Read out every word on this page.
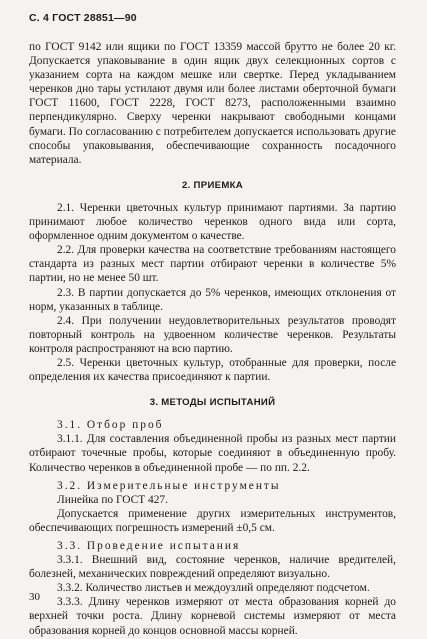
С. 4 ГОСТ 28851—90

по ГОСТ 9142 или ящики по ГОСТ 13359 массой брутто не более 20 кг. Допускается упаковывание в один ящик двух селекционных сортов с указанием сорта на каждом мешке или свертке. Перед укладыванием черенков дно тары устилают двумя или более листами оберточной бумаги ГОСТ 11600, ГОСТ 2228, ГОСТ 8273, расположенными взаимно перпендикулярно. Сверху черенки накрывают свободными концами бумаги. По согласованию с потребителем допускается использовать другие способы упаковывания, обеспечивающие сохранность посадочного материала.

2. ПРИЕМКА

2.1. Черенки цветочных культур принимают партиями. За партию принимают любое количество черенков одного вида или сорта, оформленное одним документом о качестве.

2.2. Для проверки качества на соответствие требованиям настоящего стандарта из разных мест партии отбирают черенки в количестве 5% партии, но не менее 50 шт.

2.3. В партии допускается до 5% черенков, имеющих отклонения от норм, указанных в таблице.

2.4. При получении неудовлетворительных результатов проводят повторный контроль на удвоенном количестве черенков. Результаты контроля распространяют на всю партию.

2.5. Черенки цветочных культур, отобранные для проверки, после определения их качества присоединяют к партии.

3. МЕТОДЫ ИСПЫТАНИЙ

3.1. Отбор проб

3.1.1. Для составления объединенной пробы из разных мест партии отбирают точечные пробы, которые соединяют в объединенную пробу. Количество черенков в объединенной пробе — по пп. 2.2.

3.2. Измерительные инструменты

Линейка по ГОСТ 427.

Допускается применение других измерительных инструментов, обеспечивающих погрешность измерений ±0,5 см.

3.3. Проведение испытания

3.3.1. Внешний вид, состояние черенков, наличие вредителей, болезней, механических повреждений определяют визуально.

3.3.2. Количество листьев и междоузлий определяют подсчетом.

3.3.3. Длину черенков измеряют от места образования корней до верхней точки роста. Длину корневой системы измеряют от места образования корней до концов основной массы корней.

30
